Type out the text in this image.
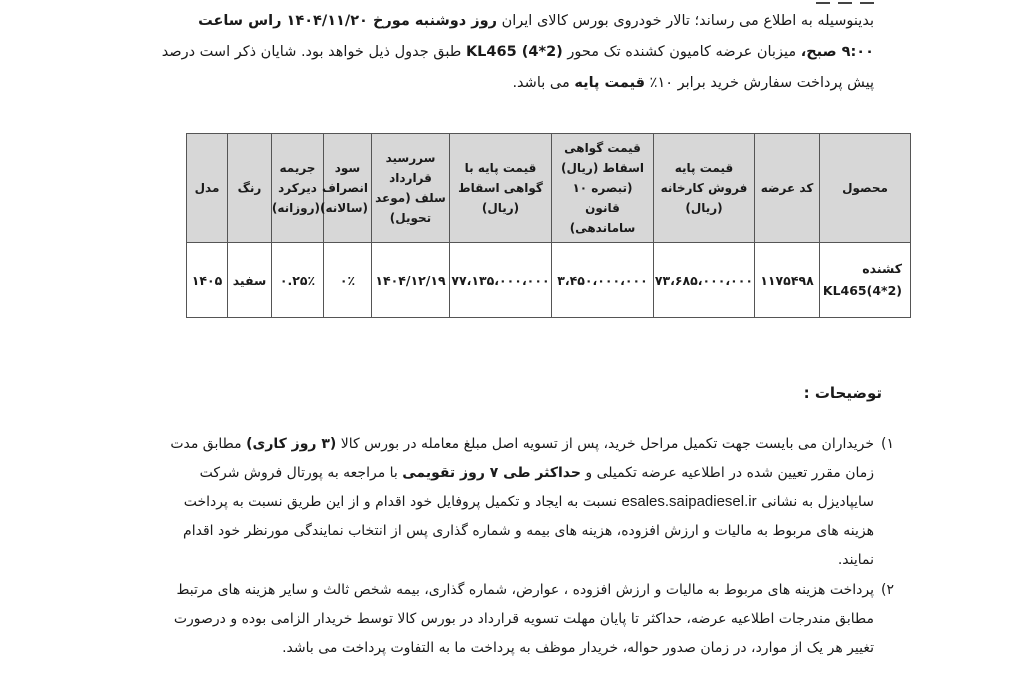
بدینوسیله به اطلاع می رساند؛ تالار خودروی بورس کالای ایران روز دوشنبه مورخ ۱۴۰۴/۱۱/۲۰ راس ساعت
۹:۰۰ صبح، میزبان عرضه کامیون کشنده تک محور (2*4) KL465 طبق جدول ذیل خواهد بود. شایان ذکر است درصد
پیش پرداخت سفارش خرید برابر ۱۰٪ قیمت پایه می باشد.
محصول	کد عرضه	قیمت پایه فروش کارخانه (ریال)	قیمت گواهی اسقاط (ریال) (تبصره ۱۰ قانون ساماندهی)	قیمت پایه با گواهی اسقاط (ریال)	سررسید قرارداد سلف (موعد تحویل)	سود انصراف (سالانه)	جریمه دیرکرد (روزانه)	رنگ	مدل

کشنده
KL465(4*2)	۱۱۷۵۴۹۸	۷۳،۶۸۵،۰۰۰،۰۰۰	۳،۴۵۰،۰۰۰،۰۰۰	۷۷،۱۳۵،۰۰۰،۰۰۰	۱۴۰۴/۱۲/۱۹	۰٪	۰.۲۵٪	سفید	۱۴۰۵
توضیحات :
۱)
خریداران می بایست جهت تکمیل مراحل خرید، پس از تسویه اصل مبلغ معامله در بورس کالا (۳ روز کاری) مطابق مدت
زمان مقرر تعیین شده در اطلاعیه عرضه تکمیلی و حداکثر طی ۷ روز تقویمی با مراجعه به پورتال فروش شرکت
سایپادیزل به نشانی esales.saipadiesel.ir نسبت به ایجاد و تکمیل پروفایل خود اقدام و از این طریق نسبت به پرداخت
هزینه های مربوط به مالیات و ارزش افزوده، هزینه های بیمه و شماره گذاری پس از انتخاب نمایندگی مورنظر خود اقدام
نمایند.
۲)
پرداخت هزینه های مربوط به مالیات و ارزش افزوده ، عوارض، شماره گذاری، بیمه شخص ثالث و سایر هزینه های مرتبط
مطابق مندرجات اطلاعیه عرضه، حداکثر تا پایان مهلت تسویه قرارداد در بورس کالا توسط خریدار الزامی بوده و درصورت
تغییر هر یک از موارد، در زمان صدور حواله، خریدار موظف به پرداخت ما به التفاوت پرداخت می باشد.
